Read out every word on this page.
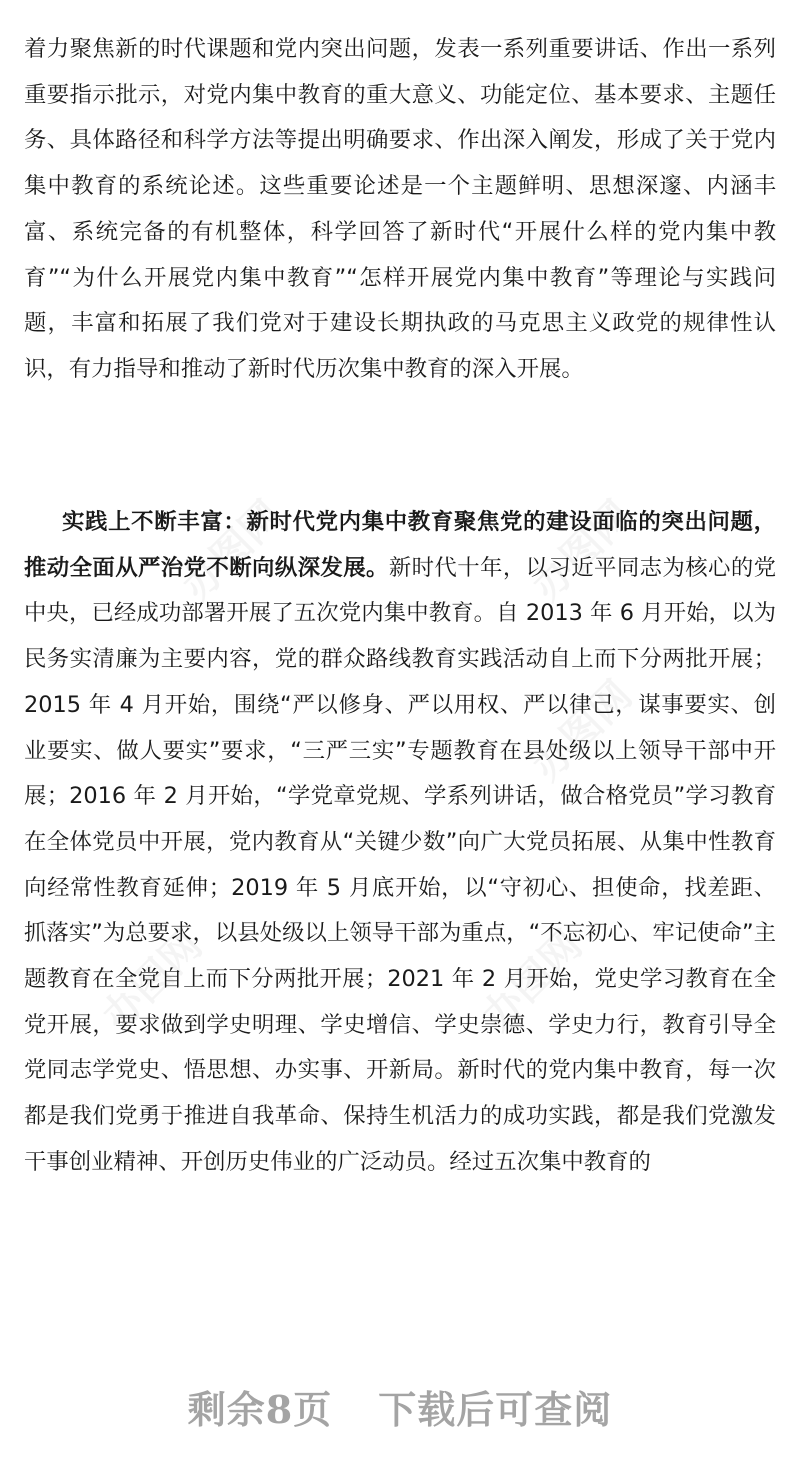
着力聚焦新的时代课题和党内突出问题，发表一系列重要讲话、作出一系列重要指示批示，对党内集中教育的重大意义、功能定位、基本要求、主题任务、具体路径和科学方法等提出明确要求、作出深入阐发，形成了关于党内集中教育的系统论述。这些重要论述是一个主题鲜明、思想深邃、内涵丰富、系统完备的有机整体，科学回答了新时代“开展什么样的党内集中教育”“为什么开展党内集中教育”“怎样开展党内集中教育”等理论与实践问题，丰富和拓展了我们党对于建设长期执政的马克思主义政党的规律性认识，有力指导和推动了新时代历次集中教育的深入开展。

实践上不断丰富：新时代党内集中教育聚焦党的建设面临的突出问题，推动全面从严治党不断向纵深发展。新时代十年，以习近平同志为核心的党中央，已经成功部署开展了五次党内集中教育。自 2013 年 6 月开始，以为民务实清廉为主要内容，党的群众路线教育实践活动自上而下分两批开展；2015 年 4 月开始，围绕“严以修身、严以用权、严以律己，谋事要实、创业要实、做人要实”要求，“三严三实”专题教育在县处级以上领导干部中开展；2016 年 2 月开始，“学党章党规、学系列讲话，做合格党员”学习教育在全体党员中开展，党内教育从“关键少数”向广大党员拓展、从集中性教育向经常性教育延伸；2019 年 5 月底开始，以“守初心、担使命，找差距、抓落实”为总要求，以县处级以上领导干部为重点，“不忘初心、牢记使命”主题教育在全党自上而下分两批开展；2021 年 2 月开始，党史学习教育在全党开展，要求做到学史明理、学史增信、学史崇德、学史力行，教育引导全党同志学党史、悟思想、办实事、开新局。新时代的党内集中教育，每一次都是我们党勇于推进自我革命、保持生机活力的成功实践，都是我们党激发干事创业精神、开创历史伟业的广泛动员。经过五次集中教育的

剩余8页 下载后可查阅
